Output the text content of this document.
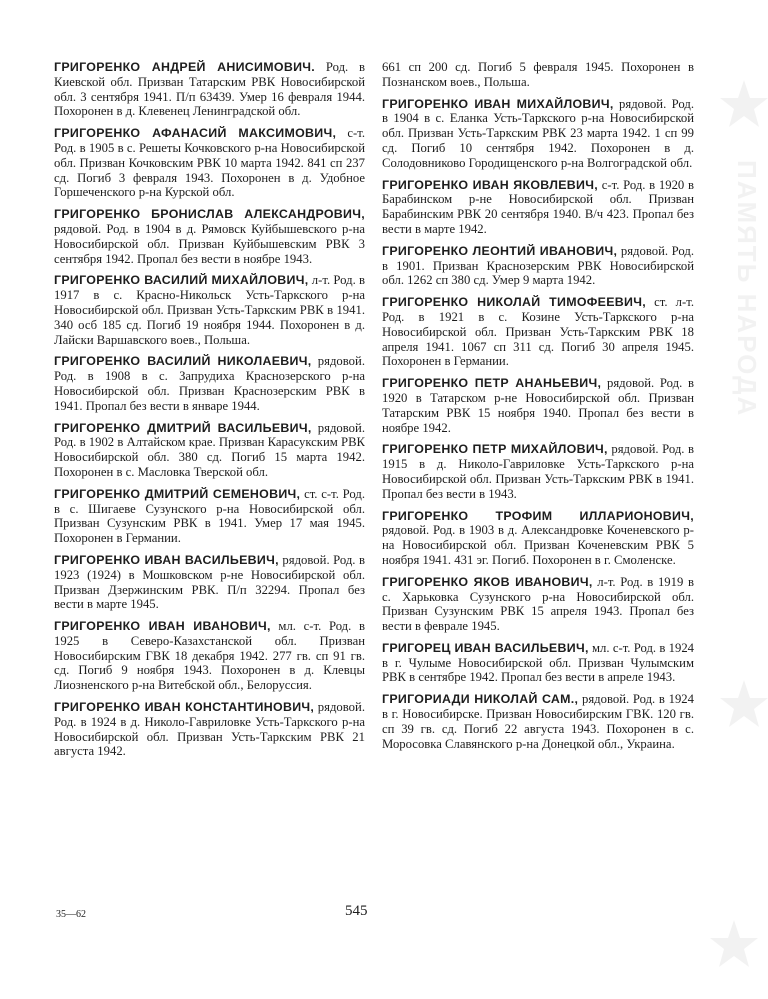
ГРИГОРЕНКО АНДРЕЙ АНИСИМОВИЧ. Род. в Киевской обл. Призван Татарским РВК Новосибирской обл. 3 сентября 1941. П/п 63439. Умер 16 февраля 1944. Похоронен в д. Клевенец Ленинградской обл.

ГРИГОРЕНКО АФАНАСИЙ МАКСИМОВИЧ, с-т. Род. в 1905 в с. Решеты Кочковского р-на Новосибирской обл. Призван Кочковским РВК 10 марта 1942. 841 сп 237 сд. Погиб 3 февраля 1943. Похоронен в д. Удобное Горшеченского р-на Курской обл.

ГРИГОРЕНКО БРОНИСЛАВ АЛЕКСАНДРОВИЧ, рядовой. Род. в 1904 в д. Рямовск Куйбышевского р-на Новосибирской обл. Призван Куйбышевским РВК 3 сентября 1942. Пропал без вести в ноябре 1943.

ГРИГОРЕНКО ВАСИЛИЙ МИХАЙЛОВИЧ, л-т. Род. в 1917 в с. Красно-Никольск Усть-Таркского р-на Новосибирской обл. Призван Усть-Таркским РВК в 1941. 340 осб 185 сд. Погиб 19 ноября 1944. Похоронен в д. Лайски Варшавского воев., Польша.

ГРИГОРЕНКО ВАСИЛИЙ НИКОЛАЕВИЧ, рядовой. Род. в 1908 в с. Запрудиха Краснозерского р-на Новосибирской обл. Призван Краснозерским РВК в 1941. Пропал без вести в январе 1944.

ГРИГОРЕНКО ДМИТРИЙ ВАСИЛЬЕВИЧ, рядовой. Род. в 1902 в Алтайском крае. Призван Карасукским РВК Новосибирской обл. 380 сд. Погиб 15 марта 1942. Похоронен в с. Масловка Тверской обл.

ГРИГОРЕНКО ДМИТРИЙ СЕМЕНОВИЧ, ст. с-т. Род. в с. Шигаеве Сузунского р-на Новосибирской обл. Призван Сузунским РВК в 1941. Умер 17 мая 1945. Похоронен в Германии.

ГРИГОРЕНКО ИВАН ВАСИЛЬЕВИЧ, рядовой. Род. в 1923 (1924) в Мошковском р-не Новосибирской обл. Призван Дзержинским РВК. П/п 32294. Пропал без вести в марте 1945.

ГРИГОРЕНКО ИВАН ИВАНОВИЧ, мл. с-т. Род. в 1925 в Северо-Казахстанской обл. Призван Новосибирским ГВК 18 декабря 1942. 277 гв. сп 91 гв. сд. Погиб 9 ноября 1943. Похоронен в д. Клевцы Лиозненского р-на Витебской обл., Белоруссия.

ГРИГОРЕНКО ИВАН КОНСТАНТИНОВИЧ, рядовой. Род. в 1924 в д. Николо-Гавриловке Усть-Таркского р-на Новосибирской обл. Призван Усть-Таркским РВК 21 августа 1942.

661 сп 200 сд. Погиб 5 февраля 1945. Похоронен в Познанском воев., Польша.

ГРИГОРЕНКО ИВАН МИХАЙЛОВИЧ, рядовой. Род. в 1904 в с. Еланка Усть-Таркского р-на Новосибирской обл. Призван Усть-Таркским РВК 23 марта 1942. 1 сп 99 сд. Погиб 10 сентября 1942. Похоронен в д. Солодовниково Городищенского р-на Волгоградской обл.

ГРИГОРЕНКО ИВАН ЯКОВЛЕВИЧ, с-т. Род. в 1920 в Барабинском р-не Новосибирской обл. Призван Барабинским РВК 20 сентября 1940. В/ч 423. Пропал без вести в марте 1942.

ГРИГОРЕНКО ЛЕОНТИЙ ИВАНОВИЧ, рядовой. Род. в 1901. Призван Краснозерским РВК Новосибирской обл. 1262 сп 380 сд. Умер 9 марта 1942.

ГРИГОРЕНКО НИКОЛАЙ ТИМОФЕЕВИЧ, ст. л-т. Род. в 1921 в с. Козине Усть-Таркского р-на Новосибирской обл. Призван Усть-Таркским РВК 18 апреля 1941. 1067 сп 311 сд. Погиб 30 апреля 1945. Похоронен в Германии.

ГРИГОРЕНКО ПЕТР АНАНЬЕВИЧ, рядовой. Род. в 1920 в Татарском р-не Новосибирской обл. Призван Татарским РВК 15 ноября 1940. Пропал без вести в ноябре 1942.

ГРИГОРЕНКО ПЕТР МИХАЙЛОВИЧ, рядовой. Род. в 1915 в д. Николо-Гавриловке Усть-Таркского р-на Новосибирской обл. Призван Усть-Таркским РВК в 1941. Пропал без вести в 1943.

ГРИГОРЕНКО ТРОФИМ ИЛЛАРИОНОВИЧ, рядовой. Род. в 1903 в д. Александровке Коченевского р-на Новосибирской обл. Призван Коченевским РВК 5 ноября 1941. 431 эг. Погиб. Похоронен в г. Смоленске.

ГРИГОРЕНКО ЯКОВ ИВАНОВИЧ, л-т. Род. в 1919 в с. Харьковка Сузунского р-на Новосибирской обл. Призван Сузунским РВК 15 апреля 1943. Пропал без вести в феврале 1945.

ГРИГОРЕЦ ИВАН ВАСИЛЬЕВИЧ, мл. с-т. Род. в 1924 в г. Чулыме Новосибирской обл. Призван Чулымским РВК в сентябре 1942. Пропал без вести в апреле 1943.

ГРИГОРИАДИ НИКОЛАЙ САМ., рядовой. Род. в 1924 в г. Новосибирске. Призван Новосибирским ГВК. 120 гв. сп 39 гв. сд. Погиб 22 августа 1943. Похоронен в с. Моросовка Славянского р-на Донецкой обл., Украина.

35—62	545
ПАМЯТЬ НАРОДА
